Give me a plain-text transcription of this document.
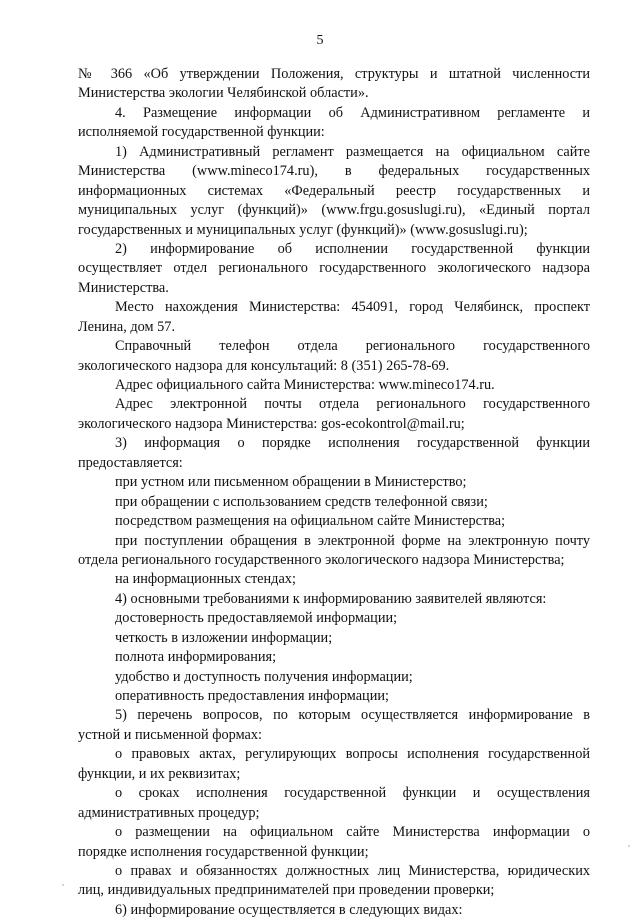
5
№ 366 «Об утверждении Положения, структуры и штатной численности
Министерства экологии Челябинской области».
4. Размещение информации об Административном регламенте и
исполняемой государственной функции:
1) Административный регламент размещается на официальном сайте
Министерства (www.mineco174.ru), в федеральных государственных
информационных системах «Федеральный реестр государственных и
муниципальных услуг (функций)» (www.frgu.gosuslugi.ru), «Единый портал
государственных и муниципальных услуг (функций)» (www.gosuslugi.ru);
2) информирование об исполнении государственной функции
осуществляет отдел регионального государственного экологического надзора
Министерства.
Место нахождения Министерства: 454091, город Челябинск, проспект
Ленина, дом 57.
Справочный телефон отдела регионального государственного
экологического надзора для консультаций: 8 (351) 265-78-69.
Адрес официального сайта Министерства: www.mineco174.ru.
Адрес электронной почты отдела регионального государственного
экологического надзора Министерства: gos-ecokontrol@mail.ru;
3) информация о порядке исполнения государственной функции
предоставляется:
при устном или письменном обращении в Министерство;
при обращении с использованием средств телефонной связи;
посредством размещения на официальном сайте Министерства;
при поступлении обращения в электронной форме на электронную почту
отдела регионального государственного экологического надзора Министерства;
на информационных стендах;
4) основными требованиями к информированию заявителей являются:
достоверность предоставляемой информации;
четкость в изложении информации;
полнота информирования;
удобство и доступность получения информации;
оперативность предоставления информации;
5) перечень вопросов, по которым осуществляется информирование в
устной и письменной формах:
о правовых актах, регулирующих вопросы исполнения государственной
функции, и их реквизитах;
о сроках исполнения государственной функции и осуществления
административных процедур;
о размещении на официальном сайте Министерства информации о
порядке исполнения государственной функции;
о правах и обязанностях должностных лиц Министерства, юридических
лиц, индивидуальных предпринимателей при проведении проверки;
6) информирование осуществляется в следующих видах:
